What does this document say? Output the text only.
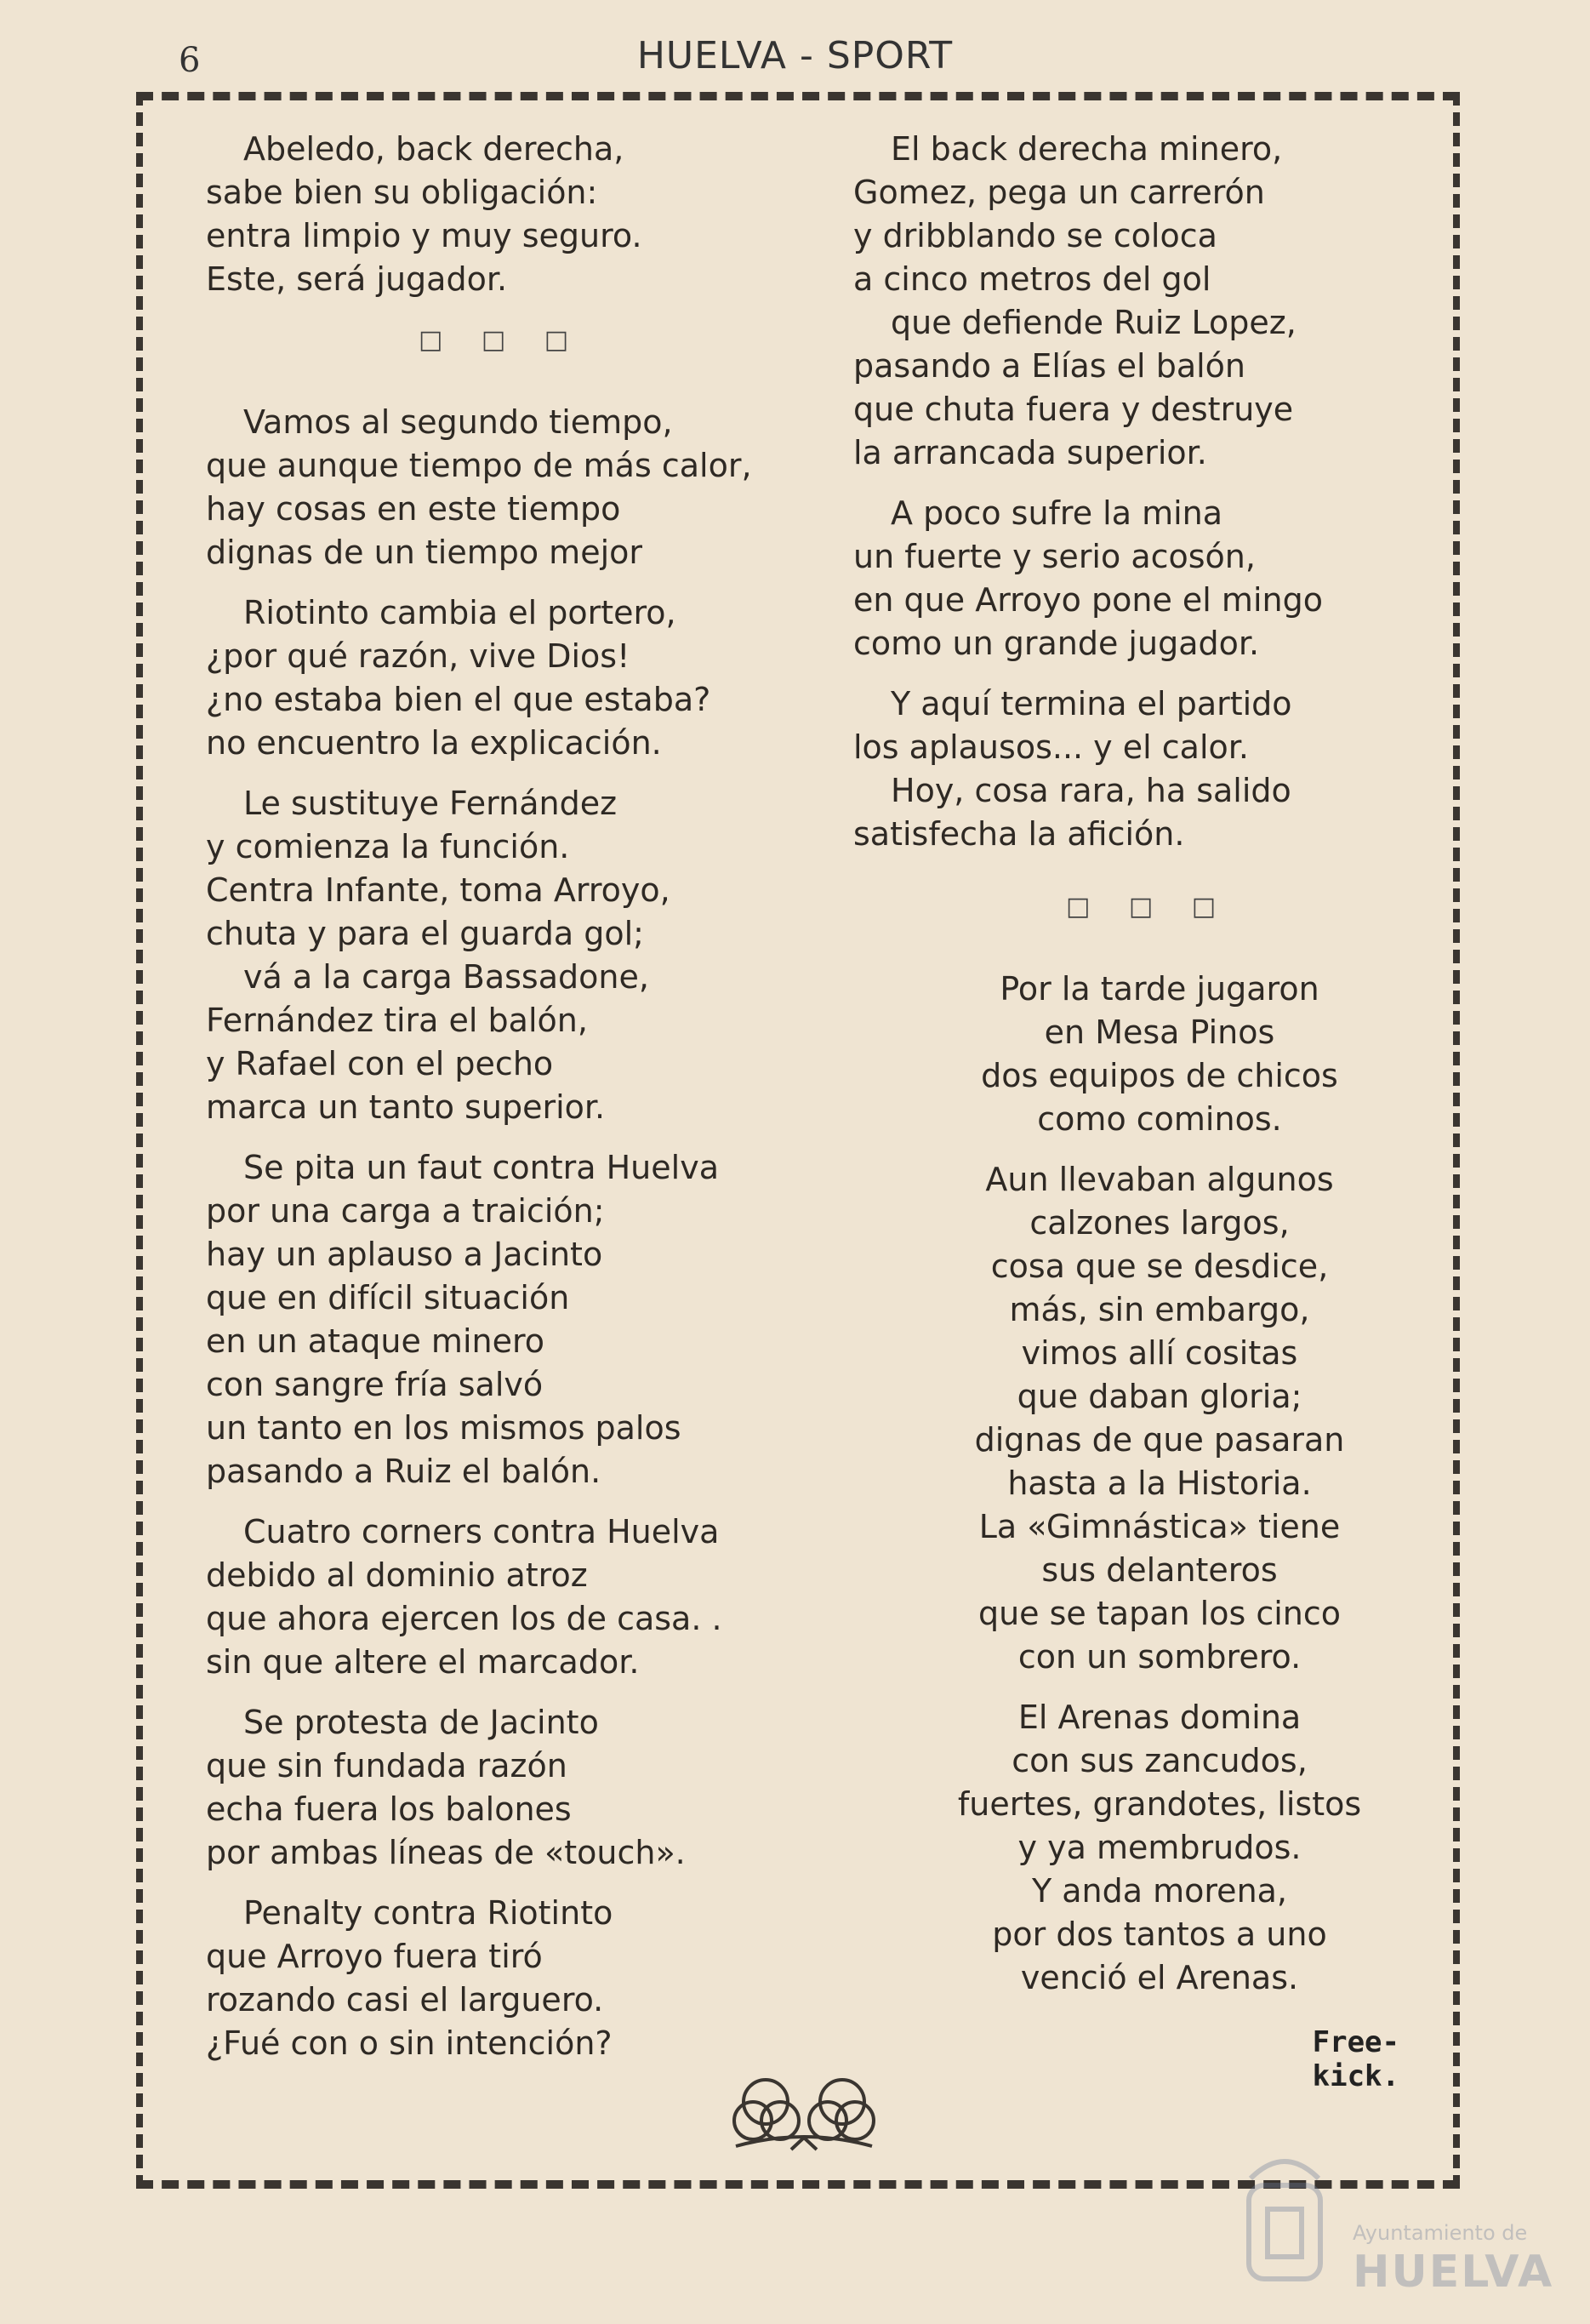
6	HUELVA - SPORT
Abeledo, back derecha,
sabe bien su obligación:
entra limpio y muy seguro.
Este, será jugador.
□ □ □
Vamos al segundo tiempo,
que aunque tiempo de más calor,
hay cosas en este tiempo
dignas de un tiempo mejor
Riotinto cambia el portero,
¿por qué razón, vive Dios!
¿no estaba bien el que estaba?
no encuentro la explicación.
Le sustituye Fernández
y comienza la función.
Centra Infante, toma Arroyo,
chuta y para el guarda gol;
vá a la carga Bassadone,
Fernández tira el balón,
y Rafael con el pecho
marca un tanto superior.
Se pita un faut contra Huelva
por una carga a traición;
hay un aplauso a Jacinto
que en difícil situación
en un ataque minero
con sangre fría salvó
un tanto en los mismos palos
pasando a Ruiz el balón.
Cuatro corners contra Huelva
debido al dominio atroz
que ahora ejercen los de casa. .
sin que altere el marcador.
Se protesta de Jacinto
que sin fundada razón
echa fuera los balones
por ambas líneas de «touch».
Penalty contra Riotinto
que Arroyo fuera tiró
rozando casi el larguero.
¿Fué con o sin intención?
El back derecha minero,
Gomez, pega un carrerón
y dribblando se coloca
a cinco metros del gol
que defiende Ruiz Lopez,
pasando a Elías el balón
que chuta fuera y destruye
la arrancada superior.
A poco sufre la mina
un fuerte y serio acosón,
en que Arroyo pone el mingo
como un grande jugador.
Y aquí termina el partido
los aplausos... y el calor.
Hoy, cosa rara, ha salido
satisfecha la afición.
□ □ □
Por la tarde jugaron
en Mesa Pinos
dos equipos de chicos
como cominos.
Aun llevaban algunos
calzones largos,
cosa que se desdice,
más, sin embargo,
vimos allí cositas
que daban gloria;
dignas de que pasaran
hasta a la Historia.
La «Gimnástica» tiene
sus delanteros
que se tapan los cinco
con un sombrero.
El Arenas domina
con sus zancudos,
fuertes, grandotes, listos
y ya membrudos.
Y anda morena,
por dos tantos a uno
venció el Arenas.
Free-kick.
Ayuntamiento de
HUELVA
